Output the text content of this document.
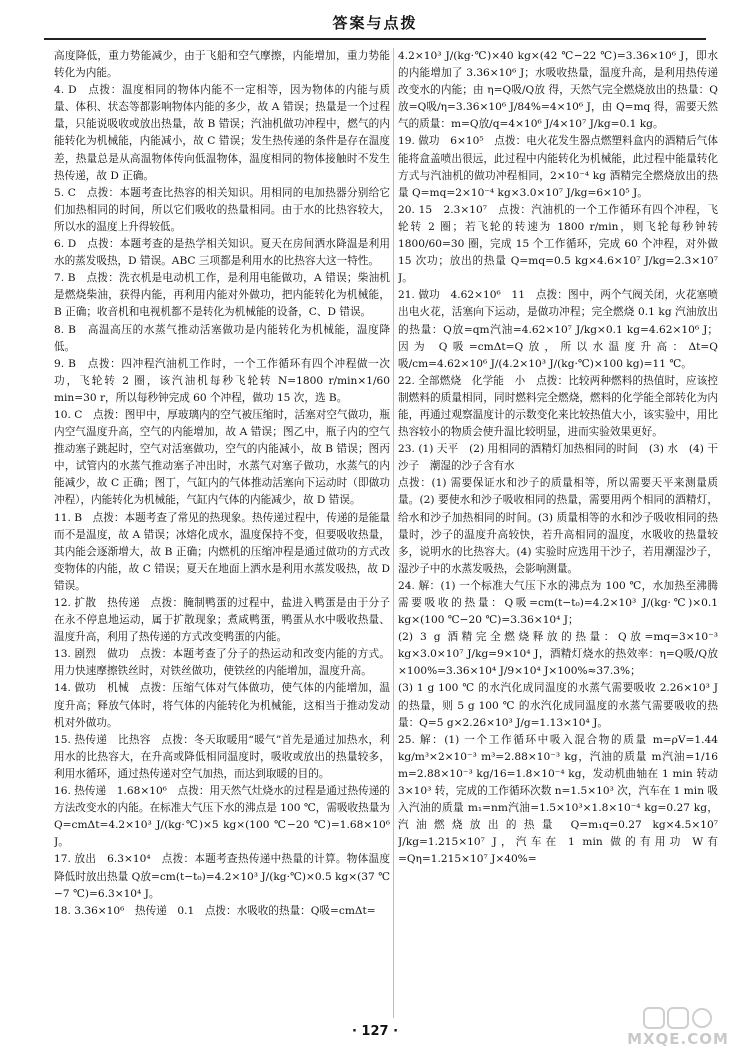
答案与点拨

高度降低，重力势能减少，由于飞船和空气摩擦，内能增加，重力势能转化为内能。

4. D　点拨：温度相同的物体内能不一定相等，因为物体的内能与质量、体积、状态等都影响物体内能的多少，故 A 错误；热量是一个过程量，只能说吸收或放出热量，故 B 错误；汽油机做功冲程中，燃气的内能转化为机械能，内能减小，故 C 错误；发生热传递的条件是存在温度差，热量总是从高温物体传向低温物体，温度相同的物体接触时不发生热传递，故 D 正确。

5. C　点拨：本题考查比热容的相关知识。用相同的电加热器分别给它们加热相同的时间，所以它们吸收的热量相同。由于水的比热容较大，所以水的温度上升得较低。

6. D　点拨：本题考查的是热学相关知识。夏天在房间洒水降温是利用水的蒸发吸热，D 错误。ABC 三项都是利用水的比热容大这一特性。

7. B　点拨：洗衣机是电动机工作，是利用电能做功，A 错误；柴油机是燃烧柴油，获得内能，再利用内能对外做功，把内能转化为机械能，B 正确；收音机和电视机都不是转化为机械能的设备，C、D 错误。

8. B　高温高压的水蒸气推动活塞做功是内能转化为机械能，温度降低。

9. B　点拨：四冲程汽油机工作时，一个工作循环有四个冲程做一次功，飞轮转 2 圈，该汽油机每秒飞轮转 N=1800 r/min×1/60 min=30 r，所以每秒钟完成 60 个冲程，做功 15 次，选 B。

10. C　点拨：图甲中，厚玻璃内的空气被压缩时，活塞对空气做功，瓶内空气温度升高，空气的内能增加，故 A 错误；图乙中，瓶子内的空气推动塞子跳起时，空气对活塞做功，空气的内能减小，故 B 错误；图丙中，试管内的水蒸气推动塞子冲出时，水蒸气对塞子做功，水蒸气的内能减少，故 C 正确；图丁，气缸内的气体推动活塞向下运动时（即做功冲程），内能转化为机械能，气缸内气体的内能减少，故 D 错误。

11. B　点拨：本题考查了常见的热现象。热传递过程中，传递的是能量而不是温度，故 A 错误；冰熔化成水，温度保持不变，但要吸收热量，其内能会逐渐增大，故 B 正确；内燃机的压缩冲程是通过做功的方式改变物体的内能，故 C 错误；夏天在地面上洒水是利用水蒸发吸热，故 D 错误。

12. 扩散　热传递　点拨：腌制鸭蛋的过程中，盐进入鸭蛋是由于分子在永不停息地运动，属于扩散现象；煮咸鸭蛋，鸭蛋从水中吸收热量、温度升高，利用了热传递的方式改变鸭蛋的内能。

13. 剧烈　做功　点拨：本题考查了分子的热运动和改变内能的方式。用力快速摩擦铁丝时，对铁丝做功，使铁丝的内能增加，温度升高。

14. 做功　机械　点拨：压缩气体对气体做功，使气体的内能增加，温度升高；释放气体时，将气体的内能转化为机械能，这相当于推动发动机对外做功。

15. 热传递　比热容　点拨：冬天取暖用“暖气”首先是通过加热水，利用水的比热容大，在升高或降低相同温度时，吸收或放出的热量较多，利用水循环，通过热传递对空气加热，而达到取暖的目的。

16. 热传递　1.68×10⁶　点拨：用天然气灶烧水的过程是通过热传递的方法改变水的内能。在标准大气压下水的沸点是 100 ℃，需吸收热量为 Q=cmΔt=4.2×10³ J/(kg·℃)×5 kg×(100 ℃−20 ℃)=1.68×10⁶ J。

17. 放出　6.3×10⁴　点拨：本题考查热传递中热量的计算。物体温度降低时放出热量 Q放=cm(t−t₀)=4.2×10³ J/(kg·℃)×0.5 kg×(37 ℃−7 ℃)=6.3×10⁴ J。

18. 3.36×10⁶　热传递　0.1　点拨：水吸收的热量：Q吸=cmΔt=

4.2×10³ J/(kg·℃)×40 kg×(42 ℃−22 ℃)=3.36×10⁶ J，即水的内能增加了 3.36×10⁶ J；水吸收热量，温度升高，是利用热传递改变水的内能；由 η=Q吸/Q放 得，天然气完全燃烧放出的热量：Q放=Q吸/η=3.36×10⁶ J/84%=4×10⁶ J，由 Q=mq 得，需要天然气的质量：m=Q放/q=4×10⁶ J/4×10⁷ J/kg=0.1 kg。

19. 做功　6×10⁵　点拨：电火花发生器点燃塑料盒内的酒精后气体能将盒盖喷出很远，此过程中内能转化为机械能，此过程中能量转化方式与汽油机的做功冲程相同，2×10⁻⁴ kg 酒精完全燃烧放出的热量 Q=mq=2×10⁻⁴ kg×3.0×10⁷ J/kg=6×10⁵ J。

20. 15　2.3×10⁷　点拨：汽油机的一个工作循环有四个冲程，飞轮转 2 圈；若飞轮的转速为 1800 r/min，则飞轮每秒钟转 1800/60=30 圈，完成 15 个工作循环，完成 60 个冲程，对外做 15 次功；放出的热量 Q=mq=0.5 kg×4.6×10⁷ J/kg=2.3×10⁷ J。

21. 做功　4.62×10⁶　11　点拨：图中，两个气阀关闭，火花塞喷出电火花，活塞向下运动，是做功冲程；完全燃烧 0.1 kg 汽油放出的热量：Q放=qm汽油=4.62×10⁷ J/kg×0.1 kg=4.62×10⁶ J；因为 Q吸=cmΔt=Q放，所以水温度升高：Δt=Q吸/cm=4.62×10⁶ J/(4.2×10³ J/(kg·℃)×100 kg)=11 ℃。

22. 全部燃烧　化学能　小　点拨：比较两种燃料的热值时，应该控制燃料的质量相同，同时燃料完全燃烧，燃料的化学能全部转化为内能，再通过观察温度计的示数变化来比较热值大小，该实验中，用比热容较小的物质会使升温比较明显，进而实验效果更好。

23. (1) 天平　(2) 用相同的酒精灯加热相同的时间　(3) 水　(4) 干沙子　潮湿的沙子含有水

点拨：(1) 需要保证水和沙子的质量相等，所以需要天平来测量质量。(2) 要使水和沙子吸收相同的热量，需要用两个相同的酒精灯，给水和沙子加热相同的时间。(3) 质量相等的水和沙子吸收相同的热量时，沙子的温度升高较快，若升高相同的温度，水吸收的热量较多，说明水的比热容大。(4) 实验时应选用干沙子，若用潮湿沙子，湿沙子中的水蒸发吸热，会影响测量。

24. 解：(1) 一个标准大气压下水的沸点为 100 ℃，水加热至沸腾需要吸收的热量：Q吸=cm(t−t₀)=4.2×10³ J/(kg·℃)×0.1 kg×(100 ℃−20 ℃)=3.36×10⁴ J；

(2) 3 g 酒精完全燃烧释放的热量：Q放=mq=3×10⁻³ kg×3.0×10⁷ J/kg=9×10⁴ J，酒精灯烧水的热效率：η=Q吸/Q放×100%=3.36×10⁴ J/9×10⁴ J×100%≈37.3%；

(3) 1 g 100 ℃ 的水汽化成同温度的水蒸气需要吸收 2.26×10³ J 的热量，则 5 g 100 ℃ 的水汽化成同温度的水蒸气需要吸收的热量：Q=5 g×2.26×10³ J/g=1.13×10⁴ J。

25. 解：(1) 一个工作循环中吸入混合物的质量 m=ρV=1.44 kg/m³×2×10⁻³ m³=2.88×10⁻³ kg，汽油的质量 m汽油=1/16 m=2.88×10⁻³ kg/16=1.8×10⁻⁴ kg，发动机曲轴在 1 min 转动 3×10³ 转，完成的工作循环次数 n=1.5×10³ 次，汽车在 1 min 吸入汽油的质量 m₁=nm汽油=1.5×10³×1.8×10⁻⁴ kg=0.27 kg，汽油燃烧放出的热量 Q=m₁q=0.27 kg×4.5×10⁷ J/kg=1.215×10⁷ J，汽车在 1 min 做的有用功 W有=Qη=1.215×10⁷ J×40%=

· 127 ·	MXQE.COM
